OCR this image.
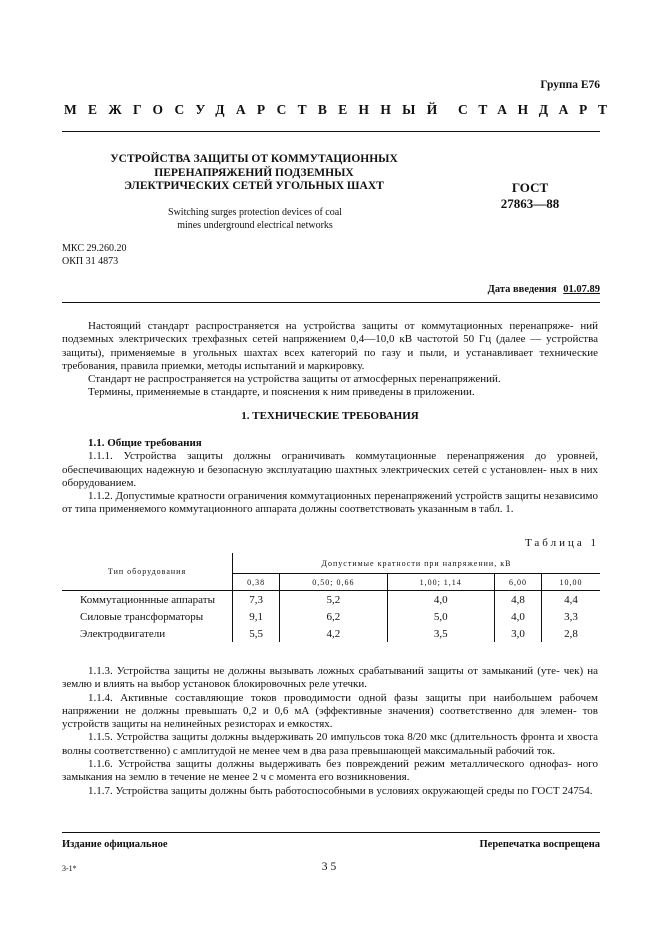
Группа Е76
МЕЖГОСУДАРСТВЕННЫЙ СТАНДАРТ
УСТРОЙСТВА ЗАЩИТЫ ОТ КОММУТАЦИОННЫХ
ПЕРЕНАПРЯЖЕНИЙ ПОДЗЕМНЫХ
ЭЛЕКТРИЧЕСКИХ СЕТЕЙ УГОЛЬНЫХ ШАХТ
Switching surges protection devices of coal
mines underground electrical networks
ГОСТ
27863—88
МКС 29.260.20
ОКП 31 4873
Дата введения 01.07.89

Настоящий стандарт распространяется на устройства защиты от коммутационных перенапряже- ний подземных электрических трехфазных сетей напряжением 0,4—10,0 кВ частотой 50 Гц (далее — устройства защиты), применяемые в угольных шахтах всех категорий по газу и пыли, и устанавливает технические требования, правила приемки, методы испытаний и маркировку.

Стандарт не распространяется на устройства защиты от атмосферных перенапряжений.

Термины, применяемые в стандарте, и пояснения к ним приведены в приложении.

1. ТЕХНИЧЕСКИЕ ТРЕБОВАНИЯ

1.1. Общие требования

1.1.1. Устройства защиты должны ограничивать коммутационные перенапряжения до уровней, обеспечивающих надежную и безопасную эксплуатацию шахтных электрических сетей с установлен- ных в них оборудованием.

1.1.2. Допустимые кратности ограничения коммутационных перенапряжений устройств защиты независимо от типа применяемого коммутационного аппарата должны соответствовать указанным в табл. 1.

Таблица 1
Тип оборудования	Допустимые кратности при напряжении, кВ				
	0,38	0,50; 0,66	1,00; 1,14	6,00	10,00
Коммутационнные аппараты	7,3	5,2	4,0	4,8	4,4
Силовые трансформаторы	9,1	6,2	5,0	4,0	3,3
Электродвигатели	5,5	4,2	3,5	3,0	2,8

1.1.3. Устройства защиты не должны вызывать ложных срабатываний защиты от замыканий (уте- чек) на землю и влиять на выбор установок блокировочных реле утечки.

1.1.4. Активные составляющие токов проводимости одной фазы защиты при наибольшем рабочем напряжении не должны превышать 0,2 и 0,6 мА (эффективные значения) соответственно для элемен- тов устройств защиты на нелинейных резисторах и емкостях.

1.1.5. Устройства защиты должны выдерживать 20 импульсов тока 8/20 мкс (длительность фронта и хвоста волны соответственно) с амплитудой не менее чем в два раза превышающей максимальный рабочий ток.

1.1.6. Устройства защиты должны выдерживать без повреждений режим металлического однофаз- ного замыкания на землю в течение не менее 2 ч с момента его возникновения.

1.1.7. Устройства защиты должны быть работоспособными в условиях окружающей среды по ГОСТ 24754.

Издание официальное	Перепечатка воспрещена
3-1*	35
